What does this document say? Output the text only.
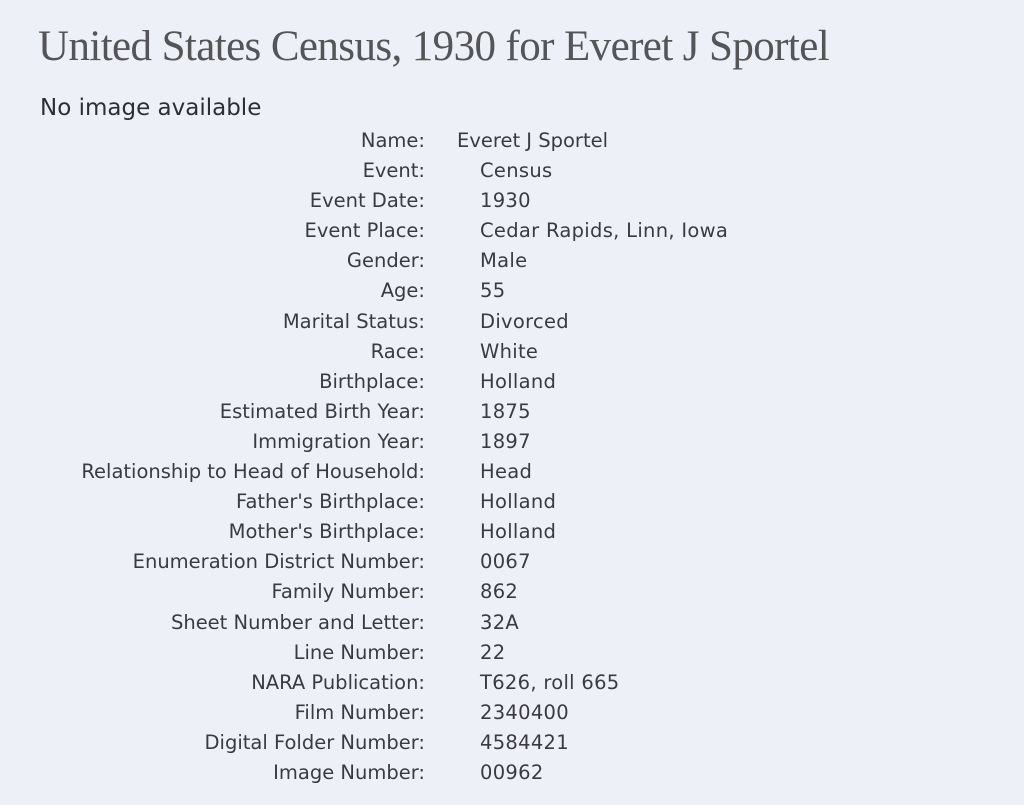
United States Census, 1930 for Everet J Sportel

No image available

Name: Everet J Sportel
Event:	Census
Event Date:	1930
Event Place:	Cedar Rapids, Linn, Iowa
Gender:	Male
Age:	55
Marital Status:	Divorced
Race:	White
Birthplace:	Holland
Estimated Birth Year:	1875
Immigration Year:	1897
Relationship to Head of Household:	Head
Father's Birthplace:	Holland
Mother's Birthplace:	Holland
Enumeration District Number:	0067
Family Number:	862
Sheet Number and Letter:	32A
Line Number:	22
NARA Publication:	T626, roll 665
Film Number:	2340400
Digital Folder Number:	4584421
Image Number:	00962
